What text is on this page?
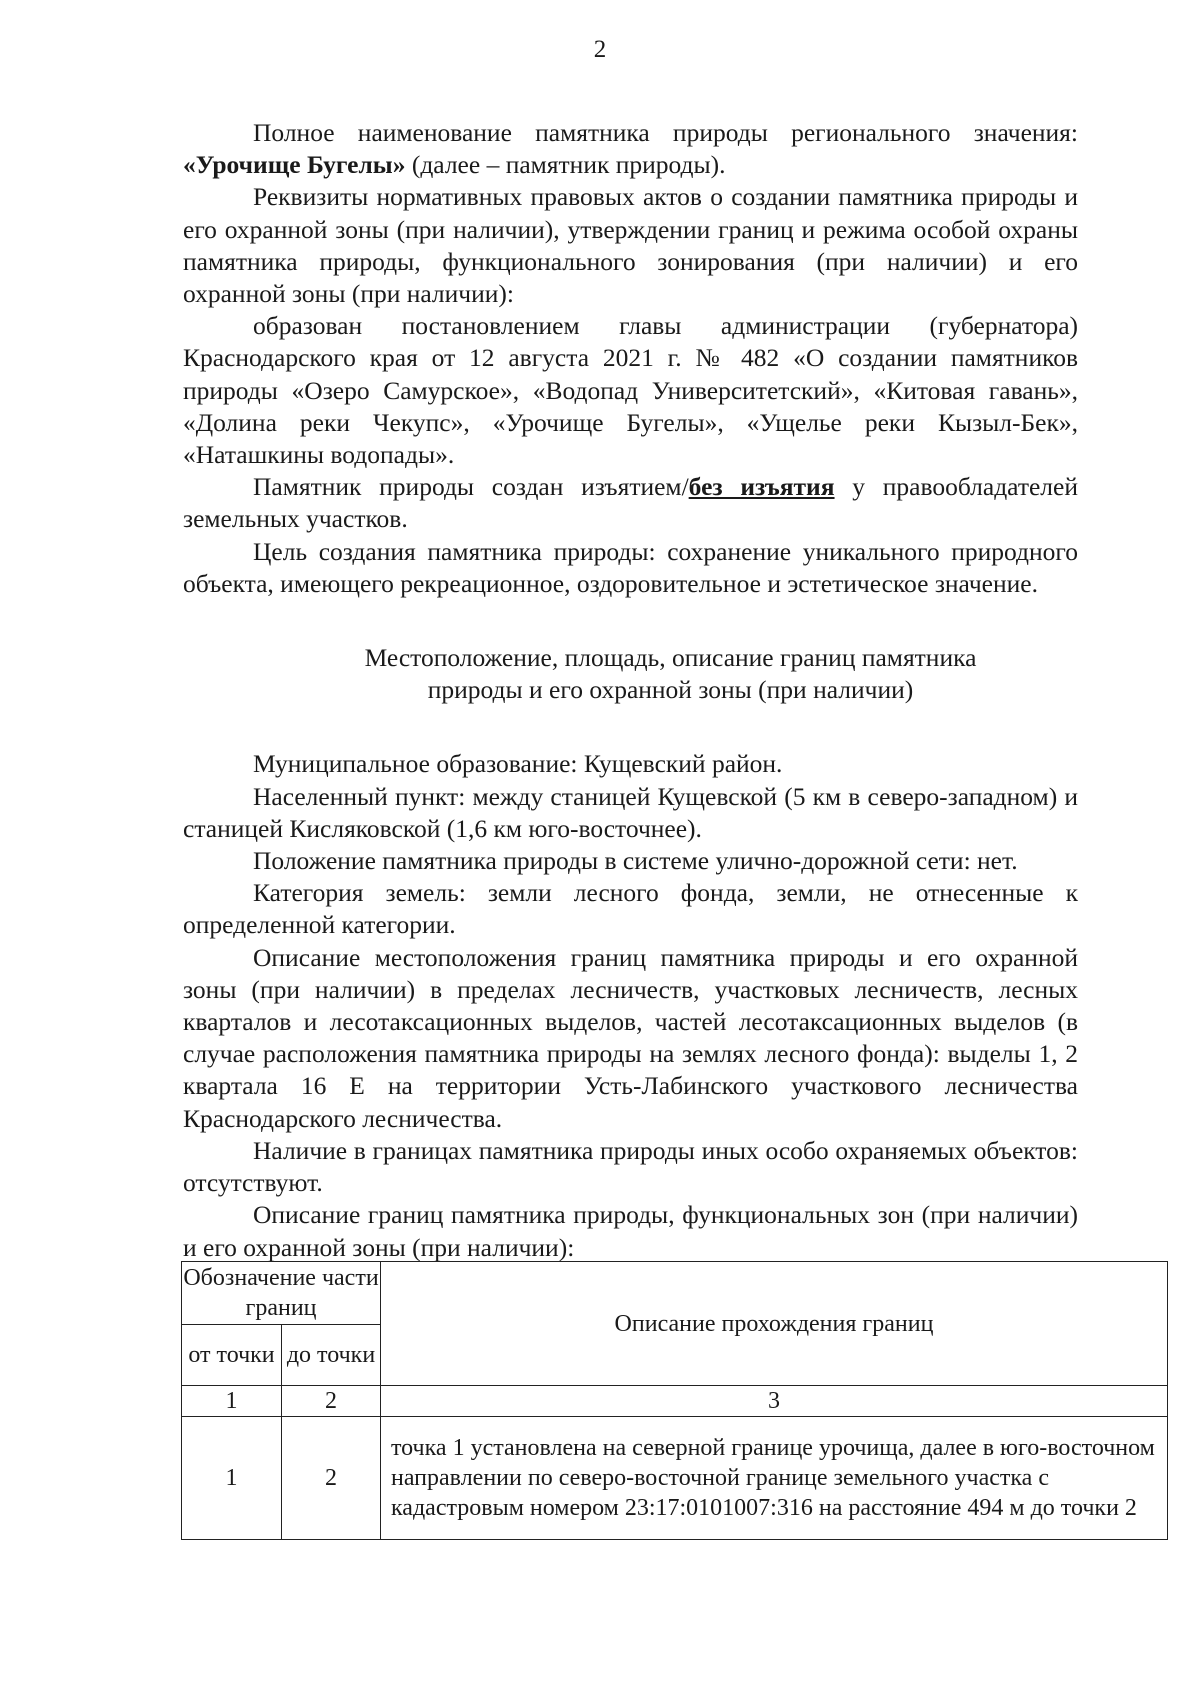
2

Полное наименование памятника природы регионального значения: «Урочище Бугелы» (далее – памятник природы).

Реквизиты нормативных правовых актов о создании памятника природы и его охранной зоны (при наличии), утверждении границ и режима особой охраны памятника природы, функционального зонирования (при наличии) и его охранной зоны (при наличии):

образован постановлением главы администрации (губернатора) Краснодарского края от 12 августа 2021 г. № 482 «О создании памятников природы «Озеро Самурское», «Водопад Университетский», «Китовая гавань», «Долина реки Чекупс», «Урочище Бугелы», «Ущелье реки Кызыл-Бек», «Наташкины водопады».

Памятник природы создан изъятием/без изъятия у правообладателей земельных участков.

Цель создания памятника природы: сохранение уникального природного объекта, имеющего рекреационное, оздоровительное и эстетическое значение.

Местоположение, площадь, описание границ памятника
природы и его охранной зоны (при наличии)

Муниципальное образование: Кущевский район.

Населенный пункт: между станицей Кущевской (5 км в северо-западном) и станицей Кисляковской (1,6 км юго-восточнее).

Положение памятника природы в системе улично-дорожной сети: нет.

Категория земель: земли лесного фонда, земли, не отнесенные к определенной категории.

Описание местоположения границ памятника природы и его охранной зоны (при наличии) в пределах лесничеств, участковых лесничеств, лесных кварталов и лесотаксационных выделов, частей лесотаксационных выделов (в случае расположения памятника природы на землях лесного фонда): выделы 1, 2 квартала 16 Е на территории Усть-Лабинского участкового лесничества Краснодарского лесничества.

Наличие в границах памятника природы иных особо охраняемых объектов: отсутствуют.

Описание границ памятника природы, функциональных зон (при наличии) и его охранной зоны (при наличии):

Обозначение части границ		Описание прохождения границ
от точки	до точки	
1	2	3
1	2	точка 1 установлена на северной границе урочища, далее в юго-восточном направлении по северо-восточной границе земельного участка с кадастровым номером 23:17:0101007:316 на расстояние 494 м до точки 2
